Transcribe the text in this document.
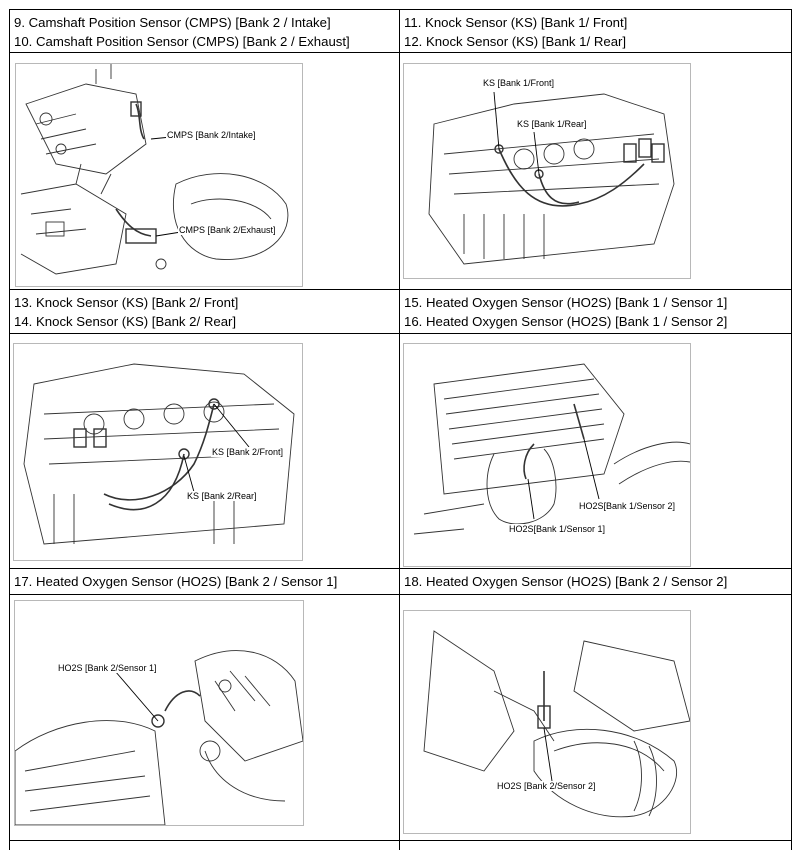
9. Camshaft Position Sensor (CMPS) [Bank 2 / Intake]
10. Camshaft Position Sensor (CMPS) [Bank 2 / Exhaust]
11. Knock Sensor (KS) [Bank 1/ Front]
12. Knock Sensor (KS) [Bank 1/ Rear]
CMPS [Bank 2/Intake]
CMPS [Bank 2/Exhaust]
KS [Bank 1/Front]
KS [Bank 1/Rear]
13. Knock Sensor (KS) [Bank 2/ Front]
14. Knock Sensor (KS) [Bank 2/ Rear]
15. Heated Oxygen Sensor (HO2S) [Bank 1 / Sensor 1]
16. Heated Oxygen Sensor (HO2S) [Bank 1 / Sensor 2]
KS [Bank 2/Front]
KS [Bank 2/Rear]
HO2S[Bank 1/Sensor 2]
HO2S[Bank 1/Sensor 1]
17. Heated Oxygen Sensor (HO2S) [Bank 2 / Sensor 1]	18. Heated Oxygen Sensor (HO2S) [Bank 2 / Sensor 2]
HO2S [Bank 2/Sensor 1]
HO2S [Bank 2/Sensor 2]
